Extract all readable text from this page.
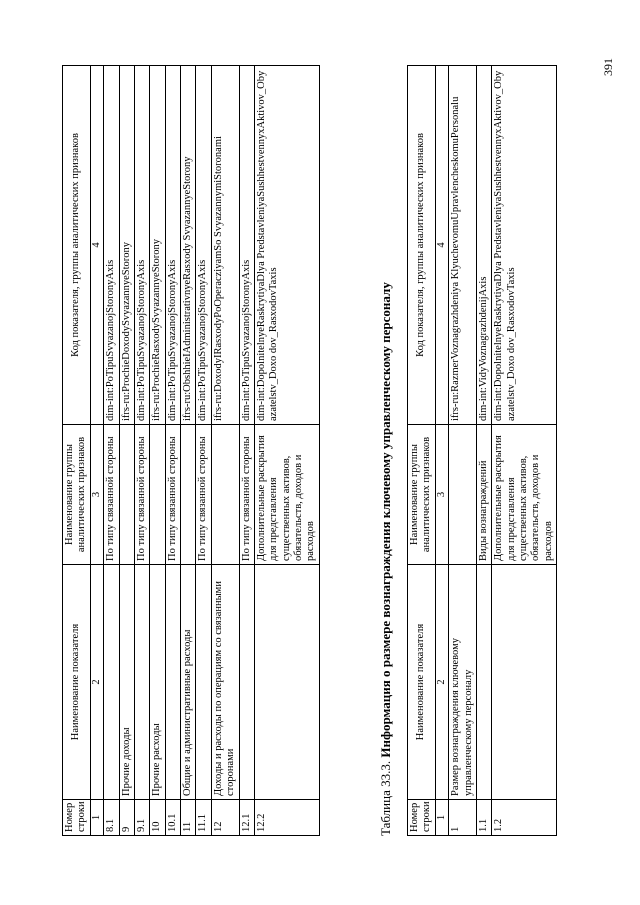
391
Номер строки	Наименование показателя	Наименование группы аналитических признаков	Код показателя, группы аналитических признаков
1	2	3	4
8.1		По типу связанной стороны	dim-int:PoTipuSvyazanojStoronyAxis
9	Прочие доходы		ifrs-ru:ProchieDoxodySvyazannyeStorony
9.1		По типу связанной стороны	dim-int:PoTipuSvyazanojStoronyAxis
10	Прочие расходы		ifrs-ru:ProchieRasxodySvyazannyeStorony
10.1		По типу связанной стороны	dim-int:PoTipuSvyazanojStoronyAxis
11	Общие и административные расходы		ifrs-ru:ObshhieIAdministrativnyeRasxody SvyazannyeStorony
11.1		По типу связанной стороны	dim-int:PoTipuSvyazanojStoronyAxis
12	Доходы и расходы по операциям со связанными сторонами		ifrs-ru:DoxodyIRasxodyPoOperacziyamSo SvyazannymiStoronami
12.1		По типу связанной стороны	dim-int:PoTipuSvyazanojStoronyAxis
12.2		Дополнительные раскрытия для представления существенных активов, обязательств, доходов и расходов	dim-int:DopolnitelnyeRaskrytiyaDlya PredstavleniyaSushhestvennyxAktivov_Obyazatelstv_Doxo dov_RasxodovTaxis
Таблица 33.3. Информация о размере вознаграждения ключевому управленческому персоналу
Номер строки	Наименование показателя	Наименование группы аналитических признаков	Код показателя, группы аналитических признаков
1	2	3	4
1	Размер вознаграждения ключевому управленческому персоналу		ifrs-ru:RazmerVoznagrazhdeniya KlyuchevomuUpravlencheskomuPersonalu
1.1		Виды вознаграждений	dim-int:VidyVoznagrazhdenijAxis
1.2		Дополнительные раскрытия для представления существенных активов, обязательств, доходов и расходов	dim-int:DopolnitelnyeRaskrytiyaDlya PredstavleniyaSushhestvennyxAktivov_Obyazatelstv_Doxo dov_RasxodovTaxis
